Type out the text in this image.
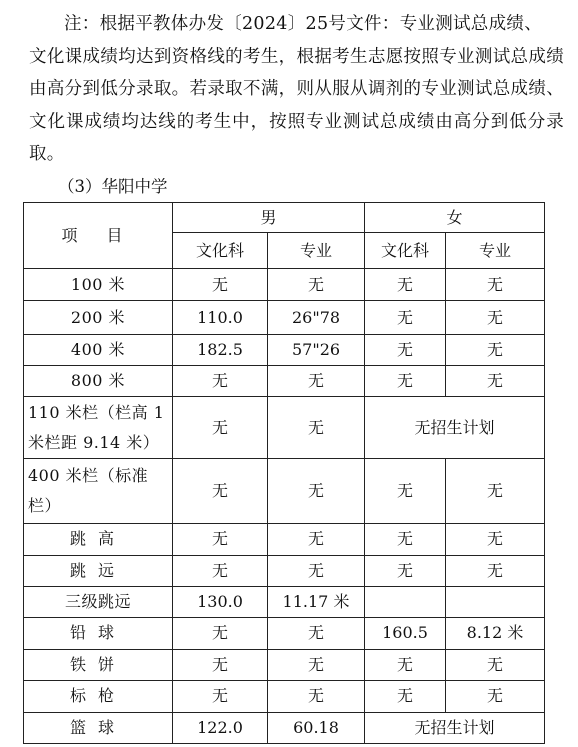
注：根据平教体办发〔2024〕25号文件：专业测试总成绩、

文化课成绩均达到资格线的考生，根据考生志愿按照专业测试总成绩由高分到低分录取。若录取不满，则从服从调剂的专业测试总成绩、文化课成绩均达线的考生中，按照专业测试总成绩由高分到低分录取。

（3）华阳中学
项 目	男		女	
	文化科	专业	文化科	专业
100 米	无	无	无	无
200 米	110.0	26"78	无	无
400 米	182.5	57"26	无	无
800 米	无	无	无	无
110 米栏（栏高 1 米栏距 9.14 米）	无	无	无招生计划	
400 米栏（标准栏）	无	无	无	无
跳高	无	无	无	无
跳远	无	无	无	无
三级跳远	130.0	11.17 米		
铅球	无	无	160.5	8.12 米
铁饼	无	无	无	无
标枪	无	无	无	无
篮球	122.0	60.18	无招生计划	
